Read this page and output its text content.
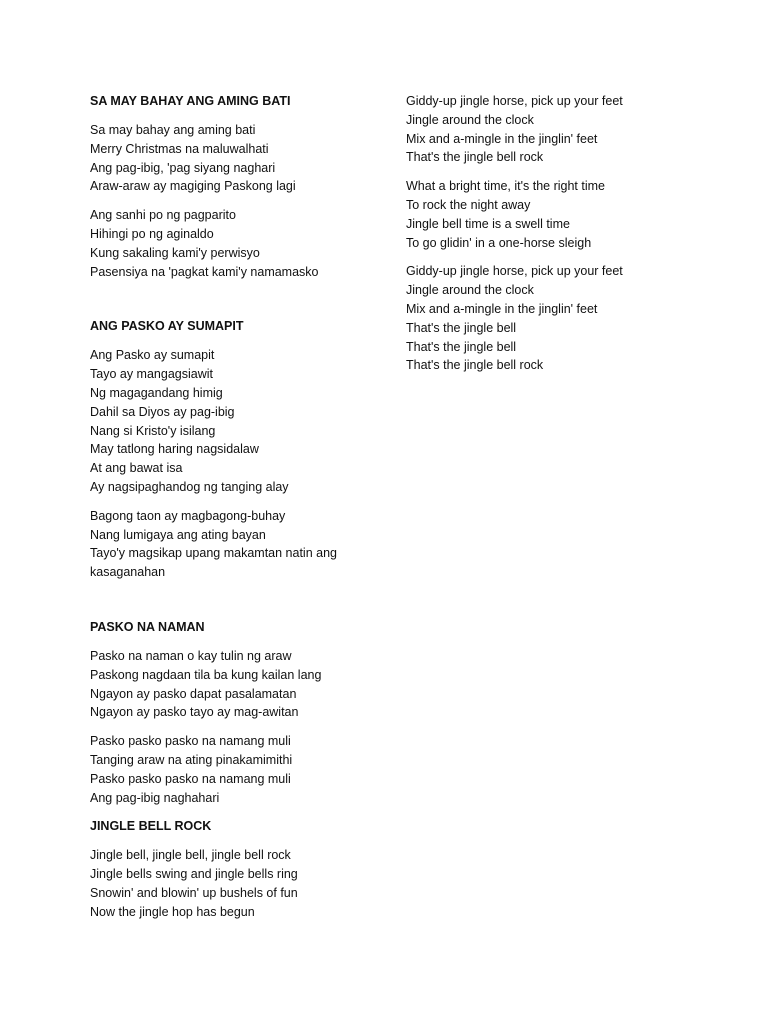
SA MAY BAHAY ANG AMING BATI
Sa may bahay ang aming bati
Merry Christmas na maluwalhati
Ang pag-ibig, 'pag siyang naghari
Araw-araw ay magiging Paskong lagi
Ang sanhi po ng pagparito
Hihingi po ng aginaldo
Kung sakaling kami'y perwisyo
Pasensiya na 'pagkat kami'y namamasko
ANG PASKO AY SUMAPIT
Ang Pasko ay sumapit
Tayo ay mangagsiawit
Ng magagandang himig
Dahil sa Diyos ay pag-ibig
Nang si Kristo'y isilang
May tatlong haring nagsidalaw
At ang bawat isa
Ay nagsipaghandog ng tanging alay
Bagong taon ay magbagong-buhay
Nang lumigaya ang ating bayan
Tayo'y magsikap upang makamtan natin ang
kasaganahan
PASKO NA NAMAN
Pasko na naman o kay tulin ng araw
Paskong nagdaan tila ba kung kailan lang
Ngayon ay pasko dapat pasalamatan
Ngayon ay pasko tayo ay mag-awitan
Pasko pasko pasko na namang muli
Tanging araw na ating pinakamimithi
Pasko pasko pasko na namang muli
Ang pag-ibig naghahari
JINGLE BELL ROCK
Jingle bell, jingle bell, jingle bell rock
Jingle bells swing and jingle bells ring
Snowin' and blowin' up bushels of fun
Now the jingle hop has begun
Giddy-up jingle horse, pick up your feet
Jingle around the clock
Mix and a-mingle in the jinglin' feet
That's the jingle bell rock
What a bright time, it's the right time
To rock the night away
Jingle bell time is a swell time
To go glidin' in a one-horse sleigh
Giddy-up jingle horse, pick up your feet
Jingle around the clock
Mix and a-mingle in the jinglin' feet
That's the jingle bell
That's the jingle bell
That's the jingle bell rock
